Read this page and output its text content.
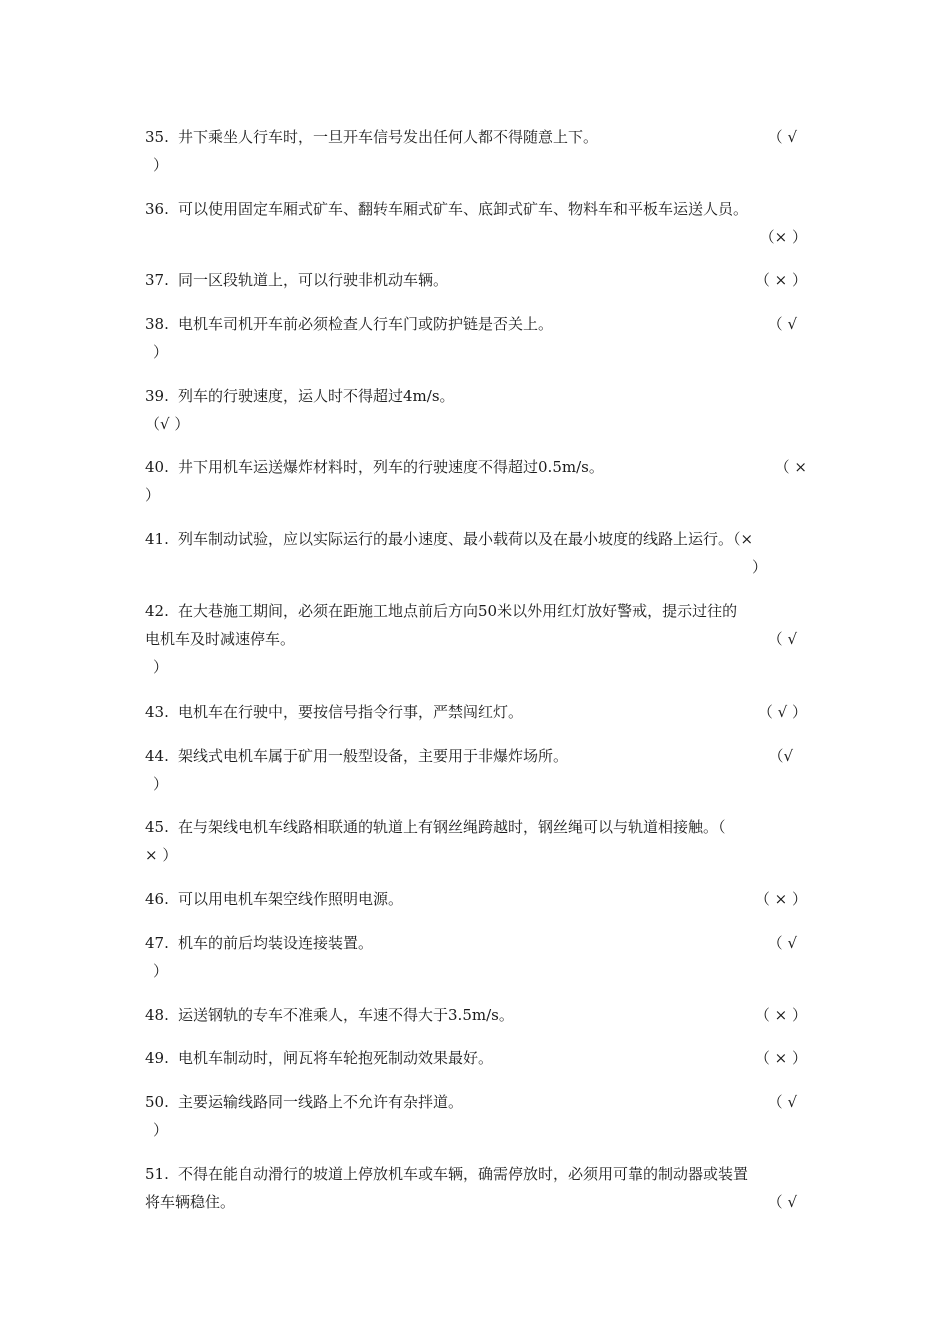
35. 井下乘坐人行车时，一旦开车信号发出任何人都不得随意上下。	（ √
）
36. 可以使用固定车厢式矿车、翻转车厢式矿车、底卸式矿车、物料车和平板车运送人员。
（× ）
37. 同一区段轨道上，可以行驶非机动车辆。	（ × ）
38. 电机车司机开车前必须检查人行车门或防护链是否关上。	（ √
）
39. 列车的行驶速度，运人时不得超过4m/s。
（√ ）
40. 井下用机车运送爆炸材料时，列车的行驶速度不得超过0.5m/s。	（ ×
）
41. 列车制动试验，应以实际运行的最小速度、最小载荷以及在最小坡度的线路上运行。（×
）
42. 在大巷施工期间，必须在距施工地点前后方向50米以外用红灯放好警戒，提示过往的
电机车及时减速停车。	（ √
）
43. 电机车在行驶中，要按信号指令行事，严禁闯红灯。	（ √ ）
44. 架线式电机车属于矿用一般型设备，主要用于非爆炸场所。	（√
）
45. 在与架线电机车线路相联通的轨道上有钢丝绳跨越时，钢丝绳可以与轨道相接触。（
× ）
46. 可以用电机车架空线作照明电源。	（ × ）
47. 机车的前后均装设连接装置。	（ √
）
48. 运送钢轨的专车不准乘人，车速不得大于3.5m/s。	（ × ）
49. 电机车制动时，闸瓦将车轮抱死制动效果最好。	（ × ）
50. 主要运输线路同一线路上不允许有杂拌道。	（ √
）
51. 不得在能自动滑行的坡道上停放机车或车辆，确需停放时，必须用可靠的制动器或装置
将车辆稳住。	（ √
